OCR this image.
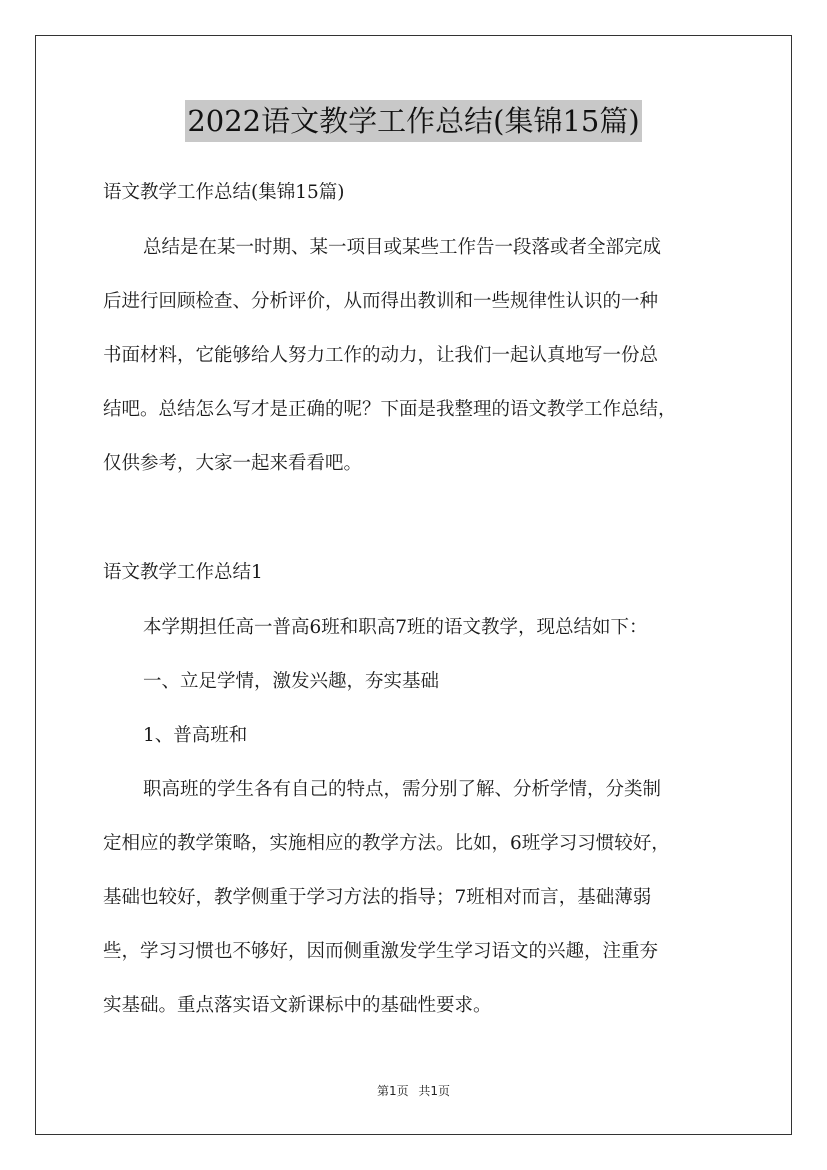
2022语文教学工作总结(集锦15篇)
语文教学工作总结(集锦15篇)
总结是在某一时期、某一项目或某些工作告一段落或者全部完成
后进行回顾检查、分析评价，从而得出教训和一些规律性认识的一种
书面材料，它能够给人努力工作的动力，让我们一起认真地写一份总
结吧。总结怎么写才是正确的呢？下面是我整理的语文教学工作总结，
仅供参考，大家一起来看看吧。
语文教学工作总结1
本学期担任高一普高6班和职高7班的语文教学，现总结如下：
一、立足学情，激发兴趣，夯实基础
1、普高班和
职高班的学生各有自己的特点，需分别了解、分析学情，分类制
定相应的教学策略，实施相应的教学方法。比如，6班学习习惯较好，
基础也较好，教学侧重于学习方法的指导；7班相对而言，基础薄弱
些，学习习惯也不够好，因而侧重激发学生学习语文的兴趣，注重夯
实基础。重点落实语文新课标中的基础性要求。
第1页 共1页
